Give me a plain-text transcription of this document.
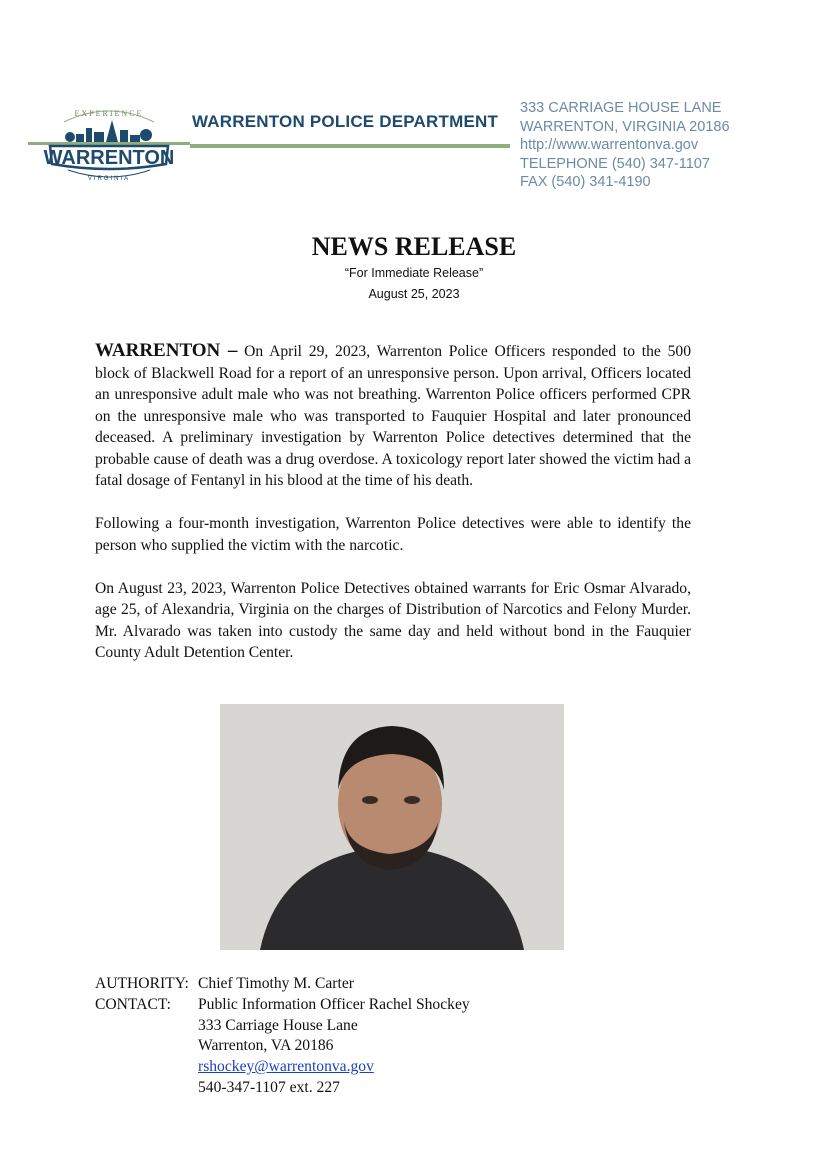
EXPERIENCE
WARRENTON
VIRGINIA
WARRENTON POLICE DEPARTMENT
333 CARRIAGE HOUSE LANE
WARRENTON, VIRGINIA 20186
http://www.warrentonva.gov
TELEPHONE (540) 347-1107
FAX (540) 341-4190
NEWS RELEASE
“For Immediate Release”
August 25, 2023

WARRENTON – On April 29, 2023, Warrenton Police Officers responded to the 500 block of Blackwell Road for a report of an unresponsive person. Upon arrival, Officers located an unresponsive adult male who was not breathing. Warrenton Police officers performed CPR on the unresponsive male who was transported to Fauquier Hospital and later pronounced deceased. A preliminary investigation by Warrenton Police detectives determined that the probable cause of death was a drug overdose. A toxicology report later showed the victim had a fatal dosage of Fentanyl in his blood at the time of his death.

Following a four-month investigation, Warrenton Police detectives were able to identify the person who supplied the victim with the narcotic.

On August 23, 2023, Warrenton Police Detectives obtained warrants for Eric Osmar Alvarado, age 25, of Alexandria, Virginia on the charges of Distribution of Narcotics and Felony Murder. Mr. Alvarado was taken into custody the same day and held without bond in the Fauquier County Adult Detention Center.

AUTHORITY: Chief Timothy M. Carter
CONTACT:	Public Information Officer Rachel Shockey
333 Carriage House Lane
Warrenton, VA 20186
rshockey@warrentonva.gov
540-347-1107 ext. 227
